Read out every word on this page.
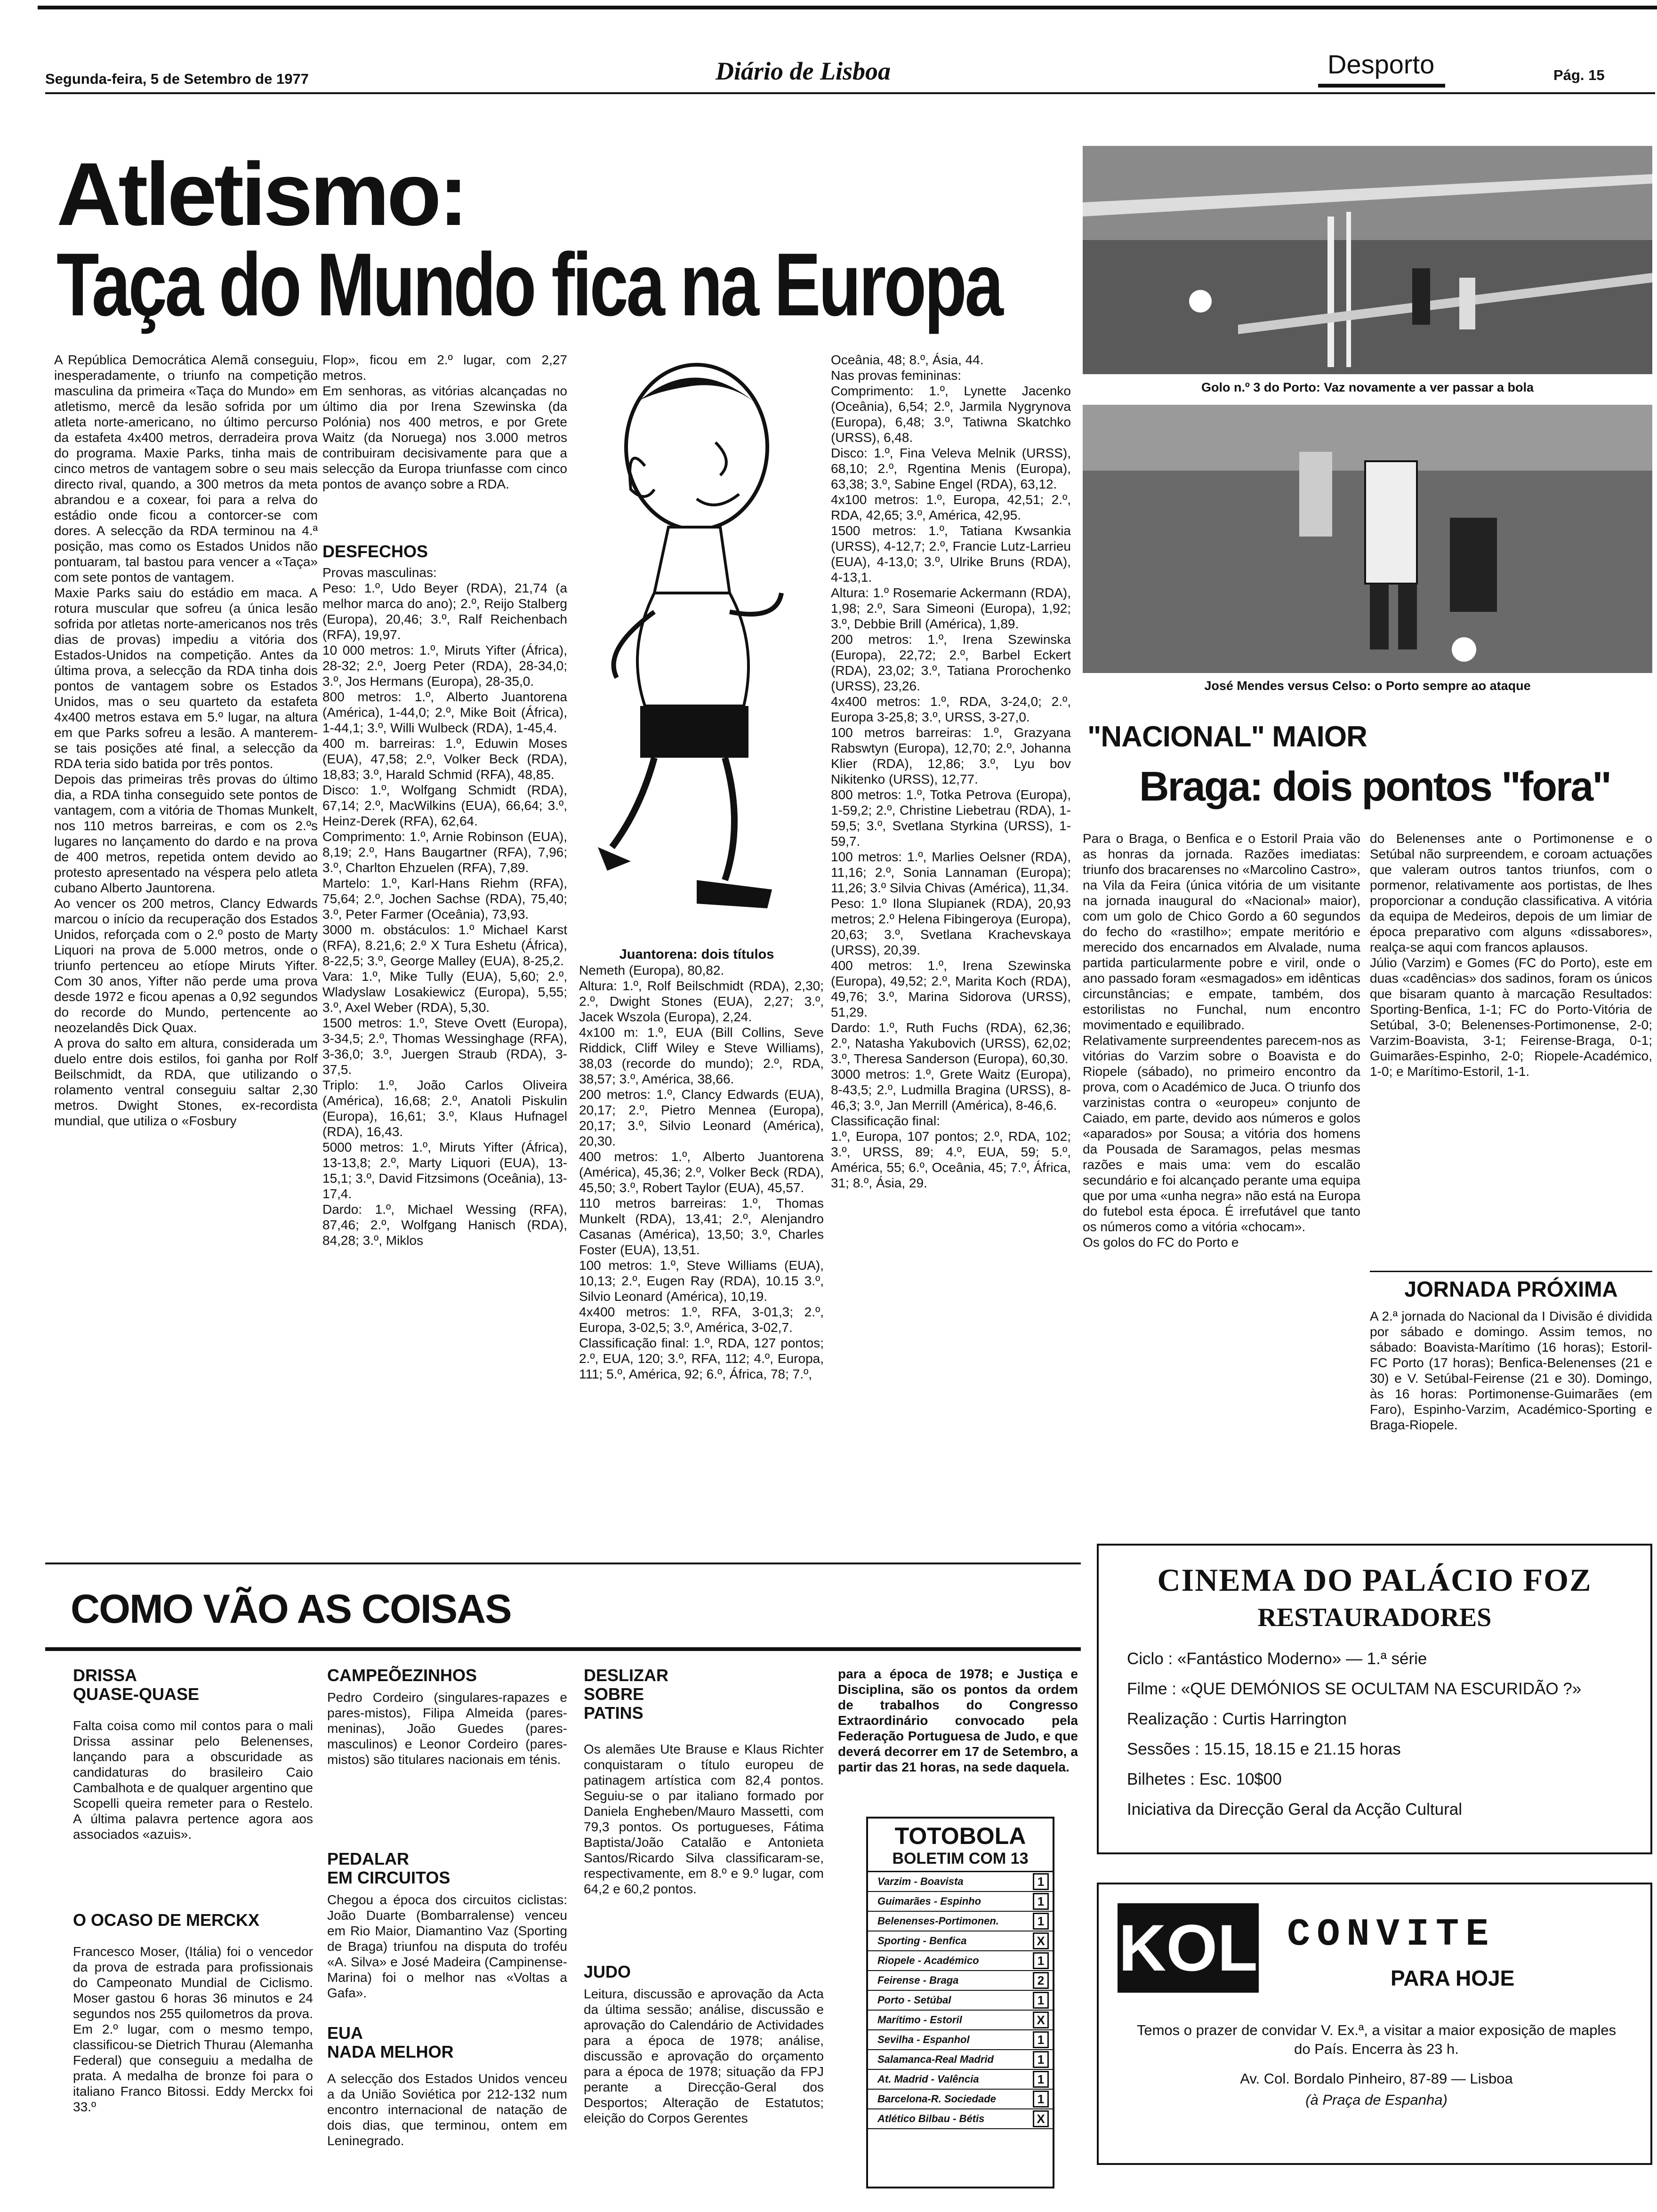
Segunda-feira, 5 de Setembro de 1977	Diário de Lisboa	Desporto	Pág. 15
Atletismo:
Taça do Mundo fica na Europa
A República Democrática Alemã conseguiu, inesperadamente, o triunfo na competição masculina da primeira «Taça do Mundo» em atletismo, mercê da lesão sofrida por um atleta norte-americano, no último percurso da estafeta 4x400 metros, derradeira prova do programa. Maxie Parks, tinha mais de cinco metros de vantagem sobre o seu mais directo rival, quando, a 300 metros da meta abrandou e a coxear, foi para a relva do estádio onde ficou a contorcer-se com dores. A selecção da RDA terminou na 4.ª posição, mas como os Estados Unidos não pontuaram, tal bastou para vencer a «Taça» com sete pontos de vantagem.
Maxie Parks saiu do estádio em maca. A rotura muscular que sofreu (a única lesão sofrida por atletas norte-americanos nos três dias de provas) impediu a vitória dos Estados-Unidos na competição. Antes da última prova, a selecção da RDA tinha dois pontos de vantagem sobre os Estados Unidos, mas o seu quarteto da estafeta 4x400 metros estava em 5.º lugar, na altura em que Parks sofreu a lesão. A manterem-se tais posições até final, a selecção da RDA teria sido batida por três pontos.
Depois das primeiras três provas do último dia, a RDA tinha conseguido sete pontos de vantagem, com a vitória de Thomas Munkelt, nos 110 metros barreiras, e com os 2.ºs lugares no lançamento do dardo e na prova de 400 metros, repetida ontem devido ao protesto apresentado na véspera pelo atleta cubano Alberto Jauntorena.
Ao vencer os 200 metros, Clancy Edwards marcou o início da recuperação dos Estados Unidos, reforçada com o 2.º posto de Marty Liquori na prova de 5.000 metros, onde o triunfo pertenceu ao etíope Miruts Yifter. Com 30 anos, Yifter não perde uma prova desde 1972 e ficou apenas a 0,92 segundos do recorde do Mundo, pertencente ao neozelandês Dick Quax.
A prova do salto em altura, considerada um duelo entre dois estilos, foi ganha por Rolf Beilschmidt, da RDA, que utilizando o rolamento ventral conseguiu saltar 2,30 metros. Dwight Stones, ex-recordista mundial, que utiliza o «Fosbury
Flop», ficou em 2.º lugar, com 2,27 metros.
Em senhoras, as vitórias alcançadas no último dia por Irena Szewinska (da Polónia) nos 400 metros, e por Grete Waitz (da Noruega) nos 3.000 metros contribuiram decisivamente para que a selecção da Europa triunfasse com cinco pontos de avanço sobre a RDA.
DESFECHOS
Provas masculinas:
Peso: 1.º, Udo Beyer (RDA), 21,74 (a melhor marca do ano); 2.º, Reijo Stalberg (Europa), 20,46; 3.º, Ralf Reichenbach (RFA), 19,97.
10 000 metros: 1.º, Miruts Yifter (África), 28-32; 2.º, Joerg Peter (RDA), 28-34,0; 3.º, Jos Hermans (Europa), 28-35,0.
800 metros: 1.º, Alberto Juantorena (América), 1-44,0; 2.º, Mike Boit (África), 1-44,1; 3.º, Willi Wulbeck (RDA), 1-45,4.
400 m. barreiras: 1.º, Eduwin Moses (EUA), 47,58; 2.º, Volker Beck (RDA), 18,83; 3.º, Harald Schmid (RFA), 48,85.
Disco: 1.º, Wolfgang Schmidt (RDA), 67,14; 2.º, MacWilkins (EUA), 66,64; 3.º, Heinz-Derek (RFA), 62,64.
Comprimento: 1.º, Arnie Robinson (EUA), 8,19; 2.º, Hans Baugartner (RFA), 7,96; 3.º, Charlton Ehzuelen (RFA), 7,89.
Martelo: 1.º, Karl-Hans Riehm (RFA), 75,64; 2.º, Jochen Sachse (RDA), 75,40; 3.º, Peter Farmer (Oceânia), 73,93.
3000 m. obstáculos: 1.º Michael Karst (RFA), 8.21,6; 2.º X Tura Eshetu (África), 8-22,5; 3.º, George Malley (EUA), 8-25,2.
Vara: 1.º, Mike Tully (EUA), 5,60; 2.º, Wladyslaw Losakiewicz (Europa), 5,55; 3.º, Axel Weber (RDA), 5,30.
1500 metros: 1.º, Steve Ovett (Europa), 3-34,5; 2.º, Thomas Wessinghage (RFA), 3-36,0; 3.º, Juergen Straub (RDA), 3-37,5.
Triplo: 1.º, João Carlos Oliveira (América), 16,68; 2.º, Anatoli Piskulin (Europa), 16,61; 3.º, Klaus Hufnagel (RDA), 16,43.
5000 metros: 1.º, Miruts Yifter (África), 13-13,8; 2.º, Marty Liquori (EUA), 13-15,1; 3.º, David Fitzsimons (Oceânia), 13-17,4.
Dardo: 1.º, Michael Wessing (RFA), 87,46; 2.º, Wolfgang Hanisch (RDA), 84,28; 3.º, Miklos
Juantorena: dois títulos
Nemeth (Europa), 80,82.
Altura: 1.º, Rolf Beilschmidt (RDA), 2,30; 2.º, Dwight Stones (EUA), 2,27; 3.º, Jacek Wszola (Europa), 2,24.
4x100 m: 1.º, EUA (Bill Collins, Seve Riddick, Cliff Wiley e Steve Williams), 38,03 (recorde do mundo); 2.º, RDA, 38,57; 3.º, América, 38,66.
200 metros: 1.º, Clancy Edwards (EUA), 20,17; 2.º, Pietro Mennea (Europa), 20,17; 3.º, Silvio Leonard (América), 20,30.
400 metros: 1.º, Alberto Juantorena (América), 45,36; 2.º, Volker Beck (RDA), 45,50; 3.º, Robert Taylor (EUA), 45,57.
110 metros barreiras: 1.º, Thomas Munkelt (RDA), 13,41; 2.º, Alenjandro Casanas (América), 13,50; 3.º, Charles Foster (EUA), 13,51.
100 metros: 1.º, Steve Williams (EUA), 10,13; 2.º, Eugen Ray (RDA), 10.15 3.º, Silvio Leonard (América), 10,19.
4x400 metros: 1.º, RFA, 3-01,3; 2.º, Europa, 3-02,5; 3.º, América, 3-02,7.
Classificação final: 1.º, RDA, 127 pontos; 2.º, EUA, 120; 3.º, RFA, 112; 4.º, Europa, 111; 5.º, América, 92; 6.º, África, 78; 7.º,
Oceânia, 48; 8.º, Ásia, 44.
Nas provas femininas:
Comprimento: 1.º, Lynette Jacenko (Oceânia), 6,54; 2.º, Jarmila Nygrynova (Europa), 6,48; 3.º, Tatiwna Skatchko (URSS), 6,48.
Disco: 1.º, Fina Veleva Melnik (URSS), 68,10; 2.º, Rgentina Menis (Europa), 63,38; 3.º, Sabine Engel (RDA), 63,12.
4x100 metros: 1.º, Europa, 42,51; 2.º, RDA, 42,65; 3.º, América, 42,95.
1500 metros: 1.º, Tatiana Kwsankia (URSS), 4-12,7; 2.º, Francie Lutz-Larrieu (EUA), 4-13,0; 3.º, Ulrike Bruns (RDA), 4-13,1.
Altura: 1.º Rosemarie Ackermann (RDA), 1,98; 2.º, Sara Simeoni (Europa), 1,92; 3.º, Debbie Brill (América), 1,89.
200 metros: 1.º, Irena Szewinska (Europa), 22,72; 2.º, Barbel Eckert (RDA), 23,02; 3.º, Tatiana Prorochenko (URSS), 23,26.
4x400 metros: 1.º, RDA, 3-24,0; 2.º, Europa 3-25,8; 3.º, URSS, 3-27,0.
100 metros barreiras: 1.º, Grazyana Rabswtyn (Europa), 12,70; 2.º, Johanna Klier (RDA), 12,86; 3.º, Lyu bov Nikitenko (URSS), 12,77.
800 metros: 1.º, Totka Petrova (Europa), 1-59,2; 2.º, Christine Liebetrau (RDA), 1-59,5; 3.º, Svetlana Styrkina (URSS), 1-59,7.
100 metros: 1.º, Marlies Oelsner (RDA), 11,16; 2.º, Sonia Lannaman (Europa); 11,26; 3.º Silvia Chivas (América), 11,34.
Peso: 1.º Ilona Slupianek (RDA), 20,93 metros; 2.º Helena Fibingeroya (Europa), 20,63; 3.º, Svetlana Krachevskaya (URSS), 20,39.
400 metros: 1.º, Irena Szewinska (Europa), 49,52; 2.º, Marita Koch (RDA), 49,76; 3.º, Marina Sidorova (URSS), 51,29.
Dardo: 1.º, Ruth Fuchs (RDA), 62,36; 2.º, Natasha Yakubovich (URSS), 62,02; 3.º, Theresa Sanderson (Europa), 60,30.
3000 metros: 1.º, Grete Waitz (Europa), 8-43,5; 2.º, Ludmilla Bragina (URSS), 8-46,3; 3.º, Jan Merrill (América), 8-46,6.
Classificação final:
1.º, Europa, 107 pontos; 2.º, RDA, 102; 3.º, URSS, 89; 4.º, EUA, 59; 5.º, América, 55; 6.º, Oceânia, 45; 7.º, África, 31; 8.º, Ásia, 29.
Golo n.º 3 do Porto: Vaz novamente a ver passar a bola
José Mendes versus Celso: o Porto sempre ao ataque
"NACIONAL" MAIOR
Braga: dois pontos "fora"
Para o Braga, o Benfica e o Estoril Praia vão as honras da jornada. Razões imediatas: triunfo dos bracarenses no «Marcolino Castro», na Vila da Feira (única vitória de um visitante na jornada inaugural do «Nacional» maior), com um golo de Chico Gordo a 60 segundos do fecho do «rastilho»; empate meritório e merecido dos encarnados em Alvalade, numa partida particularmente pobre e viril, onde o ano passado foram «esmagados» em idênticas circunstâncias; e empate, também, dos estorilistas no Funchal, num encontro movimentado e equilibrado.
Relativamente surpreendentes parecem-nos as vitórias do Varzim sobre o Boavista e do Riopele (sábado), no primeiro encontro da prova, com o Académico de Juca. O triunfo dos varzinistas contra o «europeu» conjunto de Caiado, em parte, devido aos números e golos «aparados» por Sousa; a vitória dos homens da Pousada de Saramagos, pelas mesmas razões e mais uma: vem do escalão secundário e foi alcançado perante uma equipa que por uma «unha negra» não está na Europa do futebol esta época. É irrefutável que tanto os números como a vitória «chocam».
Os golos do FC do Porto e
do Belenenses ante o Portimonense e o Setúbal não surpreendem, e coroam actuações que valeram outros tantos triunfos, com o pormenor, relativamente aos portistas, de lhes proporcionar a condução classificativa. A vitória da equipa de Medeiros, depois de um limiar de época preparativo com alguns «dissabores», realça-se aqui com francos aplausos.
Júlio (Varzim) e Gomes (FC do Porto), este em duas «cadências» dos sadinos, foram os únicos que bisaram quanto à marcação Resultados: Sporting-Benfica, 1-1; FC do Porto-Vitória de Setúbal, 3-0; Belenenses-Portimonense, 2-0; Varzim-Boavista, 3-1; Feirense-Braga, 0-1; Guimarães-Espinho, 2-0; Riopele-Académico, 1-0; e Marítimo-Estoril, 1-1.
JORNADA PRÓXIMA
A 2.ª jornada do Nacional da I Divisão é dividida por sábado e domingo. Assim temos, no sábado: Boavista-Marítimo (16 horas); Estoril-FC Porto (17 horas); Benfica-Belenenses (21 e 30) e V. Setúbal-Feirense (21 e 30). Domingo, às 16 horas: Portimonense-Guimarães (em Faro), Espinho-Varzim, Académico-Sporting e Braga-Riopele.
COMO VÃO AS COISAS
DRISSA
QUASE-QUASE
Falta coisa como mil contos para o mali Drissa assinar pelo Belenenses, lançando para a obscuridade as candidaturas do brasileiro Caio Cambalhota e de qualquer argentino que Scopelli queira remeter para o Restelo. A última palavra pertence agora aos associados «azuis».
O OCASO DE MERCKX
Francesco Moser, (Itália) foi o vencedor da prova de estrada para profissionais do Campeonato Mundial de Ciclismo. Moser gastou 6 horas 36 minutos e 24 segundos nos 255 quilometros da prova. Em 2.º lugar, com o mesmo tempo, classificou-se Dietrich Thurau (Alemanha Federal) que conseguiu a medalha de prata. A medalha de bronze foi para o italiano Franco Bitossi. Eddy Merckx foi 33.º
CAMPEÕEZINHOS
Pedro Cordeiro (singulares-rapazes e pares-mistos), Filipa Almeida (pares-meninas), João Guedes (pares-masculinos) e Leonor Cordeiro (pares-mistos) são titulares nacionais em ténis.
PEDALAR
EM CIRCUITOS
Chegou a época dos circuitos ciclistas: João Duarte (Bombarralense) venceu em Rio Maior, Diamantino Vaz (Sporting de Braga) triunfou na disputa do troféu «A. Silva» e José Madeira (Campinense-Marina) foi o melhor nas «Voltas a Gafa».
EUA
NADA MELHOR
A selecção dos Estados Unidos venceu a da União Soviética por 212-132 num encontro internacional de natação de dois dias, que terminou, ontem em Leninegrado.
DESLIZAR
SOBRE
PATINS
Os alemães Ute Brause e Klaus Richter conquistaram o título europeu de patinagem artística com 82,4 pontos. Seguiu-se o par italiano formado por Daniela Engheben/Mauro Massetti, com 79,3 pontos. Os portugueses, Fátima Baptista/João Catalão e Antonieta Santos/Ricardo Silva classificaram-se, respectivamente, em 8.º e 9.º lugar, com 64,2 e 60,2 pontos.
JUDO
Leitura, discussão e aprovação da Acta da última sessão; análise, discussão e aprovação do Calendário de Actividades para a época de 1978; análise, discussão e aprovação do orçamento para a época de 1978; situação da FPJ perante a Direcção-Geral dos Desportos; Alteração de Estatutos; eleição do Corpos Gerentes
para a época de 1978; e Justiça e Disciplina, são os pontos da ordem de trabalhos do Congresso Extraordinário convocado pela Federação Portuguesa de Judo, e que deverá decorrer em 17 de Setembro, a partir das 21 horas, na sede daquela.
TOTOBOLA
BOLETIM COM 13
Varzim - Boavista	1
Guimarães - Espinho	1
Belenenses-Portimonen.	1
Sporting - Benfica	X
Riopele - Académico	1
Feirense - Braga	2
Porto - Setúbal	1
Marítimo - Estoril	X
Sevilha - Espanhol	1
Salamanca-Real Madrid	1
At. Madrid - Valência	1
Barcelona-R. Sociedade	1
Atlético Bilbau - Bétis	X
CINEMA DO PALÁCIO FOZ
RESTAURADORES
Ciclo : «Fantástico Moderno» — 1.ª série
Filme : «QUE DEMÓNIOS SE OCULTAM NA ESCURIDÃO ?»
Realização : Curtis Harrington
Sessões : 15.15, 18.15 e 21.15 horas
Bilhetes : Esc. 10$00
Iniciativa da Direcção Geral da Acção Cultural
KOL CONVITE
PARA HOJE
Temos o prazer de convidar V. Ex.ª, a visitar a maior exposição de maples do País. Encerra às 23 h.
Av. Col. Bordalo Pinheiro, 87-89 — Lisboa
(à Praça de Espanha)
